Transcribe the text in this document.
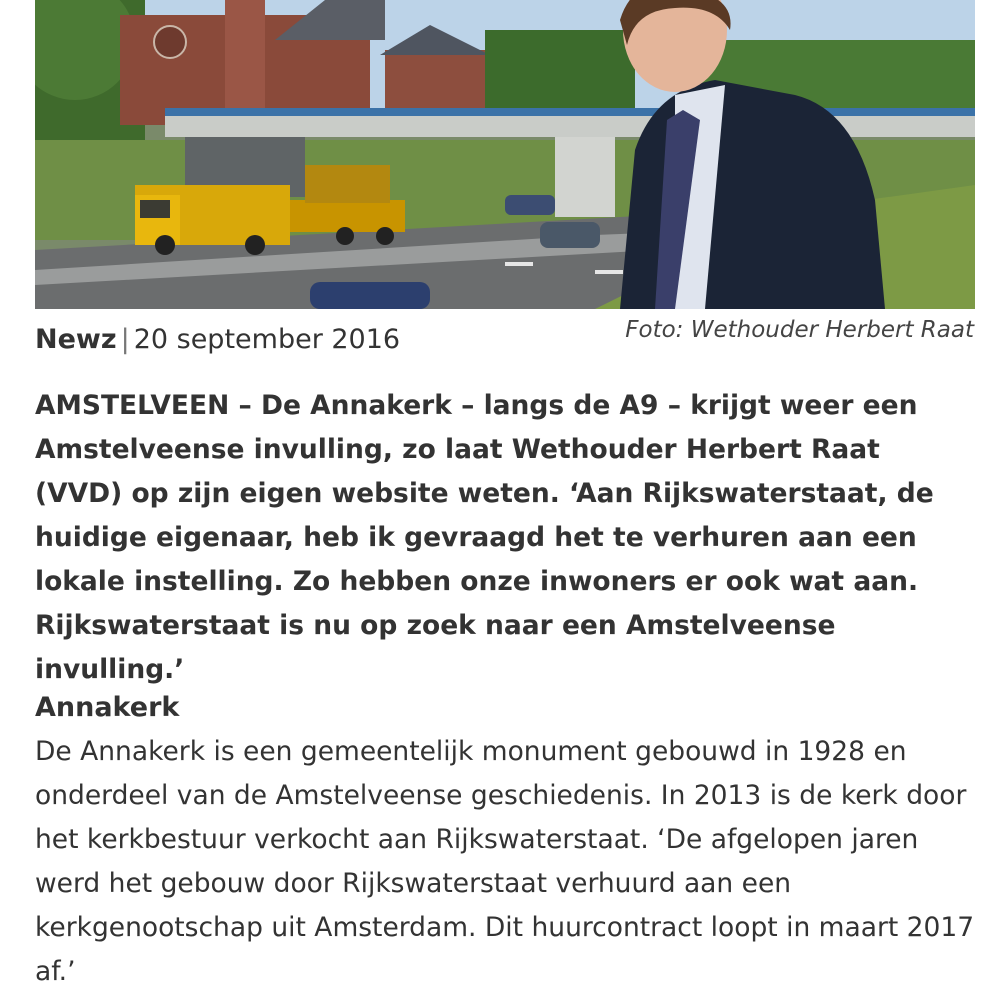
Newz | 20 september 2016	Foto: Wethouder Herbert Raat

AMSTELVEEN – De Annakerk – langs de A9 – krijgt weer een Amstelveense invulling, zo laat Wethouder Herbert Raat (VVD) op zijn eigen website weten. ‘Aan Rijkswaterstaat, de huidige eigenaar, heb ik gevraagd het te verhuren aan een lokale instelling. Zo hebben onze inwoners er ook wat aan. Rijkswaterstaat is nu op zoek naar een Amstelveense invulling.’

Annakerk

De Annakerk is een gemeentelijk monument gebouwd in 1928 en onderdeel van de Amstelveense geschiedenis. In 2013 is de kerk door het kerkbestuur verkocht aan Rijkswaterstaat. ‘De afgelopen jaren werd het gebouw door Rijkswaterstaat verhuurd aan een kerkgenootschap uit Amsterdam. Dit huurcontract loopt in maart 2017 af.’
